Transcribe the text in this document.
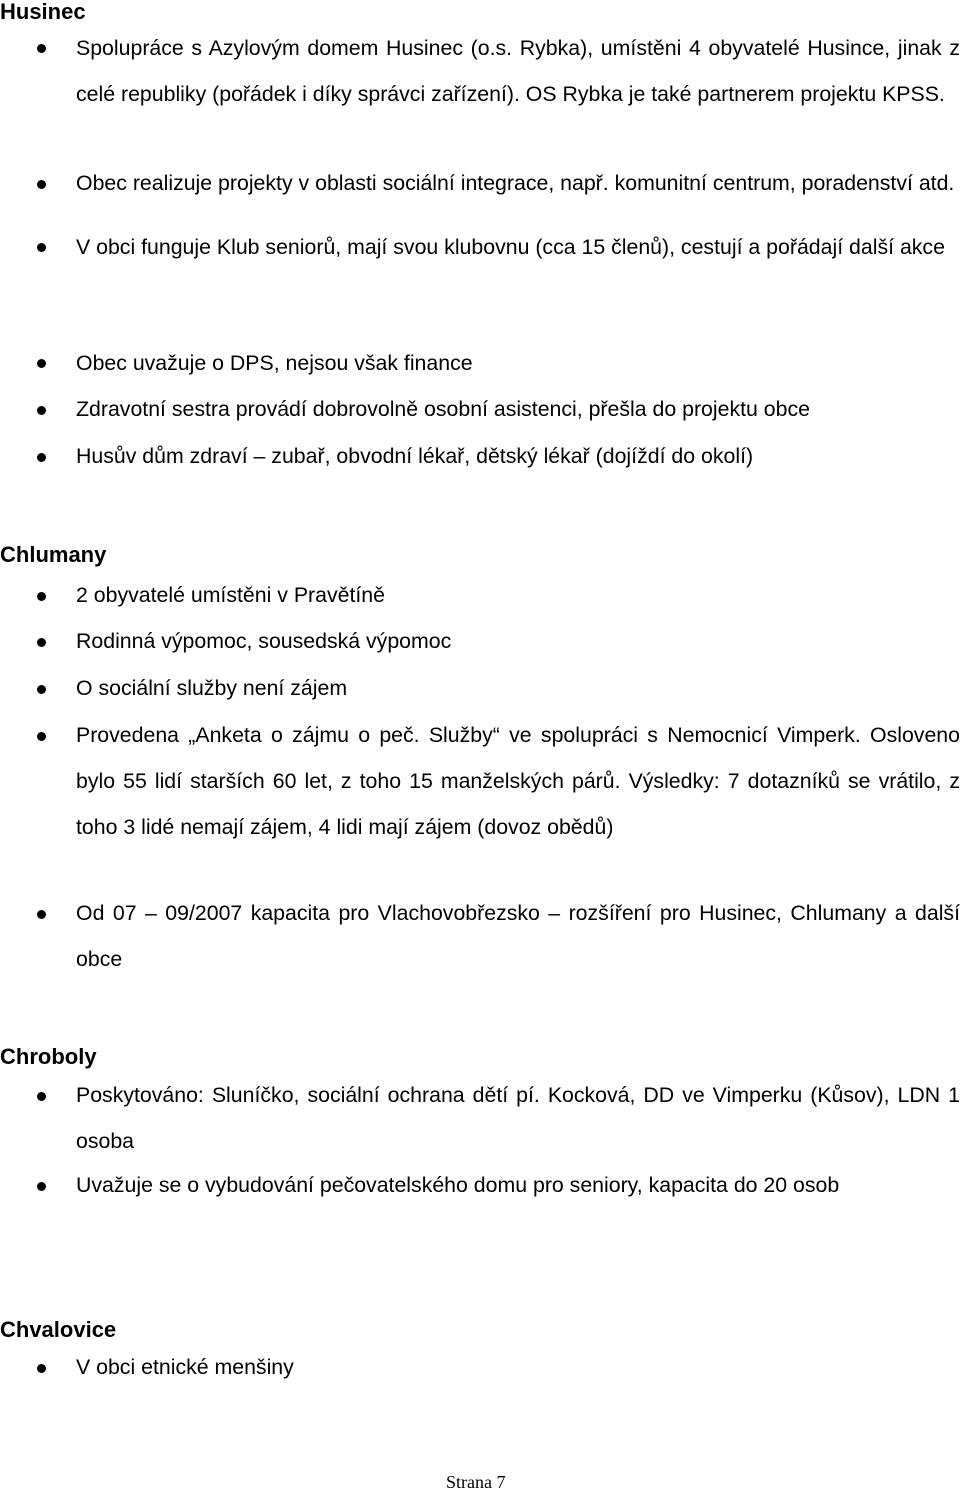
Husinec

Spolupráce s Azylovým domem Husinec (o.s. Rybka), umístěni 4 obyvatelé Husince, jinak z celé republiky (pořádek i díky správci zařízení). OS Rybka je také partnerem projektu KPSS.

Obec realizuje projekty v oblasti sociální integrace, např. komunitní centrum, poradenství atd.

V obci funguje Klub seniorů, mají svou klubovnu (cca 15 členů), cestují a pořádají další akce

Obec uvažuje o DPS, nejsou však finance

Zdravotní sestra provádí dobrovolně osobní asistenci, přešla do projektu obce

Husův dům zdraví – zubař, obvodní lékař, dětský lékař (dojíždí do okolí)

Chlumany

2 obyvatelé umístěni v Pravětíně

Rodinná výpomoc, sousedská výpomoc

O sociální služby není zájem

Provedena „Anketa o zájmu o peč. Služby“ ve spolupráci s Nemocnicí Vimperk. Osloveno bylo 55 lidí starších 60 let, z toho 15 manželských párů. Výsledky: 7 dotazníků se vrátilo, z toho 3 lidé nemají zájem, 4 lidi mají zájem (dovoz obědů)

Od 07 – 09/2007 kapacita pro Vlachovobřezsko – rozšíření pro Husinec, Chlumany a další obce

Chroboly

Poskytováno: Sluníčko, sociální ochrana dětí pí. Kocková, DD ve Vimperku (Kůsov), LDN 1 osoba

Uvažuje se o vybudování pečovatelského domu pro seniory, kapacita do 20 osob

Chvalovice

V obci etnické menšiny

Strana 7
